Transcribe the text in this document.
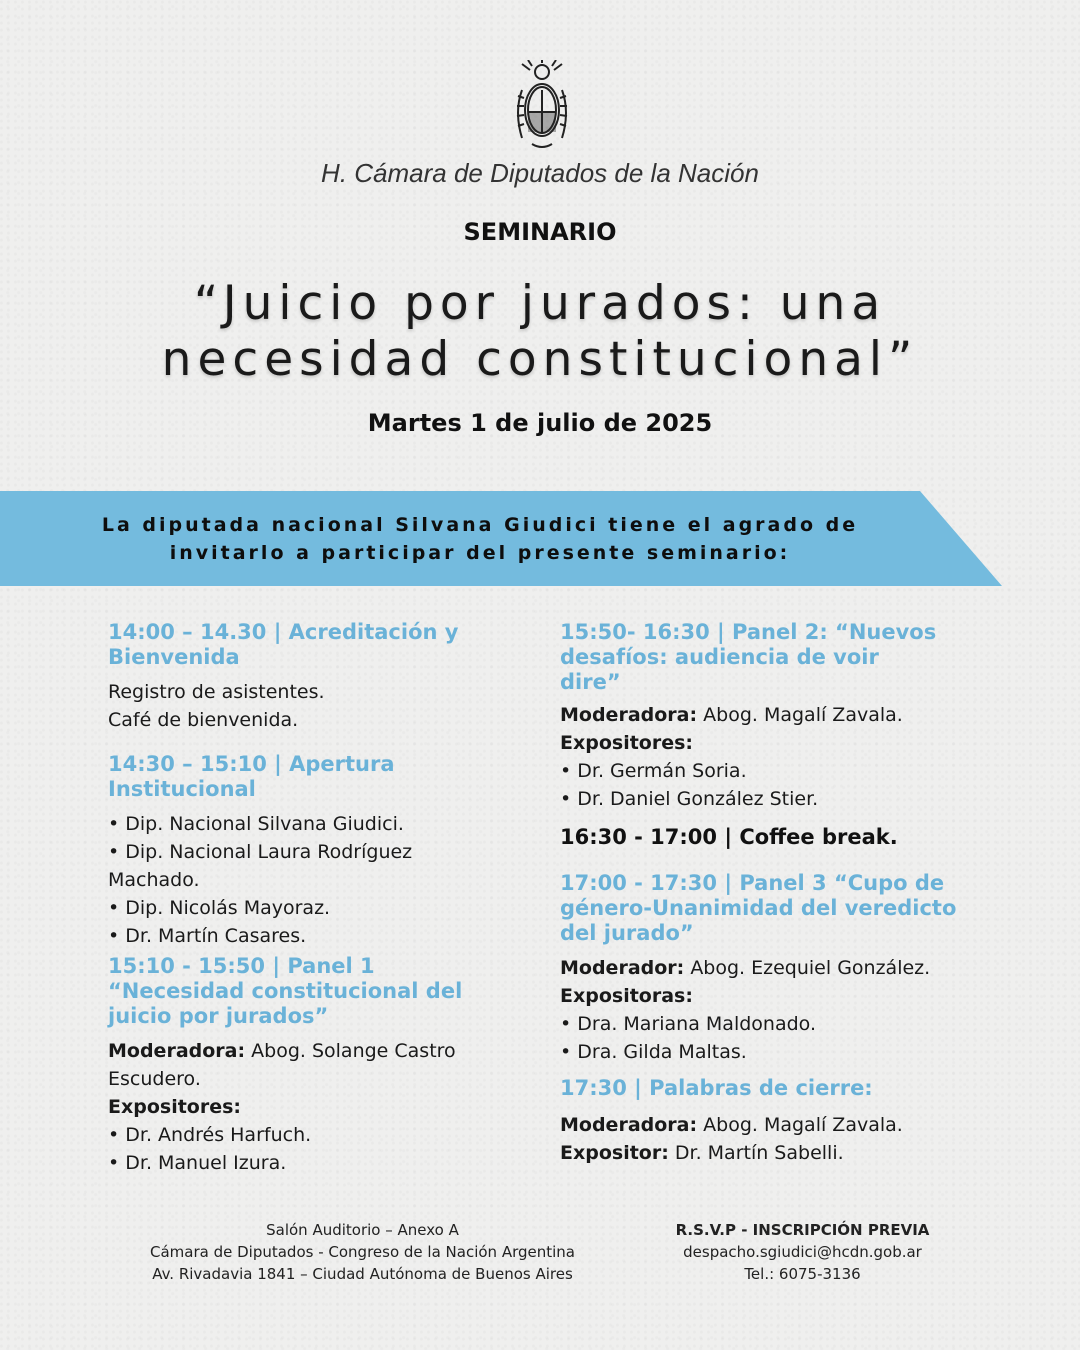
H. Cámara de Diputados de la Nación
SEMINARIO
“Juicio por jurados: una
necesidad constitucional”
Martes 1 de julio de 2025
La diputada nacional Silvana Giudici tiene el agrado de
invitarlo a participar del presente seminario:

14:00 – 14.30 | Acreditación y Bienvenida

Registro de asistentes.

Café de bienvenida.

14:30 – 15:10 | Apertura Institucional

• Dip. Nacional Silvana Giudici.

• Dip. Nacional Laura Rodríguez Machado.

• Dip. Nicolás Mayoraz.

• Dr. Martín Casares.

15:10 - 15:50 | Panel 1 “Necesidad constitucional del juicio por jurados”

Moderadora: Abog. Solange Castro Escudero.

Expositores:

• Dr. Andrés Harfuch.

• Dr. Manuel Izura.

15:50- 16:30 | Panel 2: “Nuevos desafíos: audiencia de voir dire”

Moderadora: Abog. Magalí Zavala.

Expositores:

• Dr. Germán Soria.

• Dr. Daniel González Stier.

16:30 - 17:00 | Coffee break.

17:00 - 17:30 | Panel 3 “Cupo de género-Unanimidad del veredicto del jurado”

Moderador: Abog. Ezequiel González.

Expositoras:

• Dra. Mariana Maldonado.

• Dra. Gilda Maltas.

17:30 | Palabras de cierre:

Moderadora: Abog. Magalí Zavala.

Expositor: Dr. Martín Sabelli.

Salón Auditorio – Anexo A
Cámara de Diputados - Congreso de la Nación Argentina
Av. Rivadavia 1841 – Ciudad Autónoma de Buenos Aires
R.S.V.P - INSCRIPCIÓN PREVIA
despacho.sgiudici@hcdn.gob.ar
Tel.: 6075-3136
